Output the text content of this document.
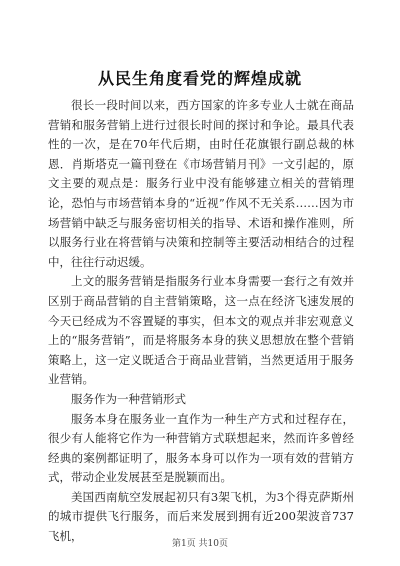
从民生角度看党的辉煌成就

很长一段时间以来，西方国家的许多专业人士就在商品营销和服务营销上进行过很长时间的探讨和争论。最具代表性的一次，是在70年代后期，由时任花旗银行副总裁的林恩．肖斯塔克一篇刊登在《市场营销月刊》一文引起的，原文主要的观点是：服务行业中没有能够建立相关的营销理论，恐怕与市场营销本身的“近视”作风不无关系……因为市场营销中缺乏与服务密切相关的指导、术语和操作准则，所以服务行业在将营销与决策和控制等主要活动相结合的过程中，往往行动迟缓。

上文的服务营销是指服务行业本身需要一套行之有效并区别于商品营销的自主营销策略，这一点在经济飞速发展的今天已经成为不容置疑的事实，但本文的观点并非宏观意义上的“服务营销”，而是将服务本身的狭义思想放在整个营销策略上，这一定义既适合于商品业营销，当然更适用于服务业营销。

服务作为一种营销形式

服务本身在服务业一直作为一种生产方式和过程存在，很少有人能将它作为一种营销方式联想起来，然而许多曾经经典的案例都证明了，服务本身可以作为一项有效的营销方式，带动企业发展甚至是脱颖而出。

美国西南航空发展起初只有3架飞机，为3个得克萨斯州的城市提供飞行服务，而后来发展到拥有近200架波音737飞机，

第1页 共10页
